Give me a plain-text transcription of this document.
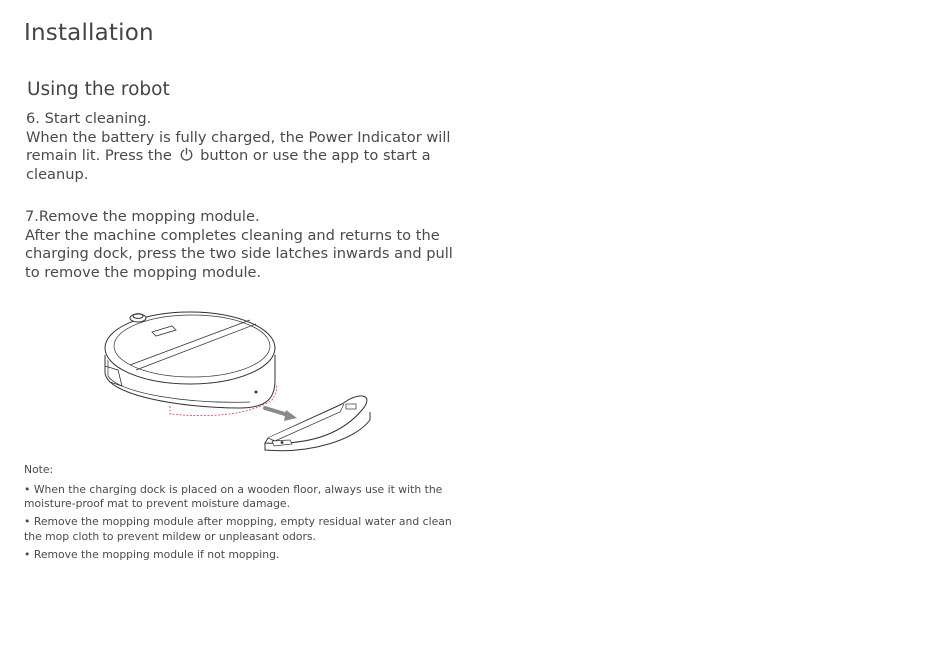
Installation
Using the robot

6. Start cleaning.

When the battery is fully charged, the Power Indicator will remain lit. Press the button or use the app to start a cleanup.

7.Remove the mopping module.

After the machine completes cleaning and returns to the charging dock, press the two side latches inwards and pull to remove the mopping module.

Note:
• When the charging dock is placed on a wooden floor, always use it with the moisture-proof mat to prevent moisture damage.
• Remove the mopping module after mopping, empty residual water and clean the mop cloth to prevent mildew or unpleasant odors.
• Remove the mopping module if not mopping.
